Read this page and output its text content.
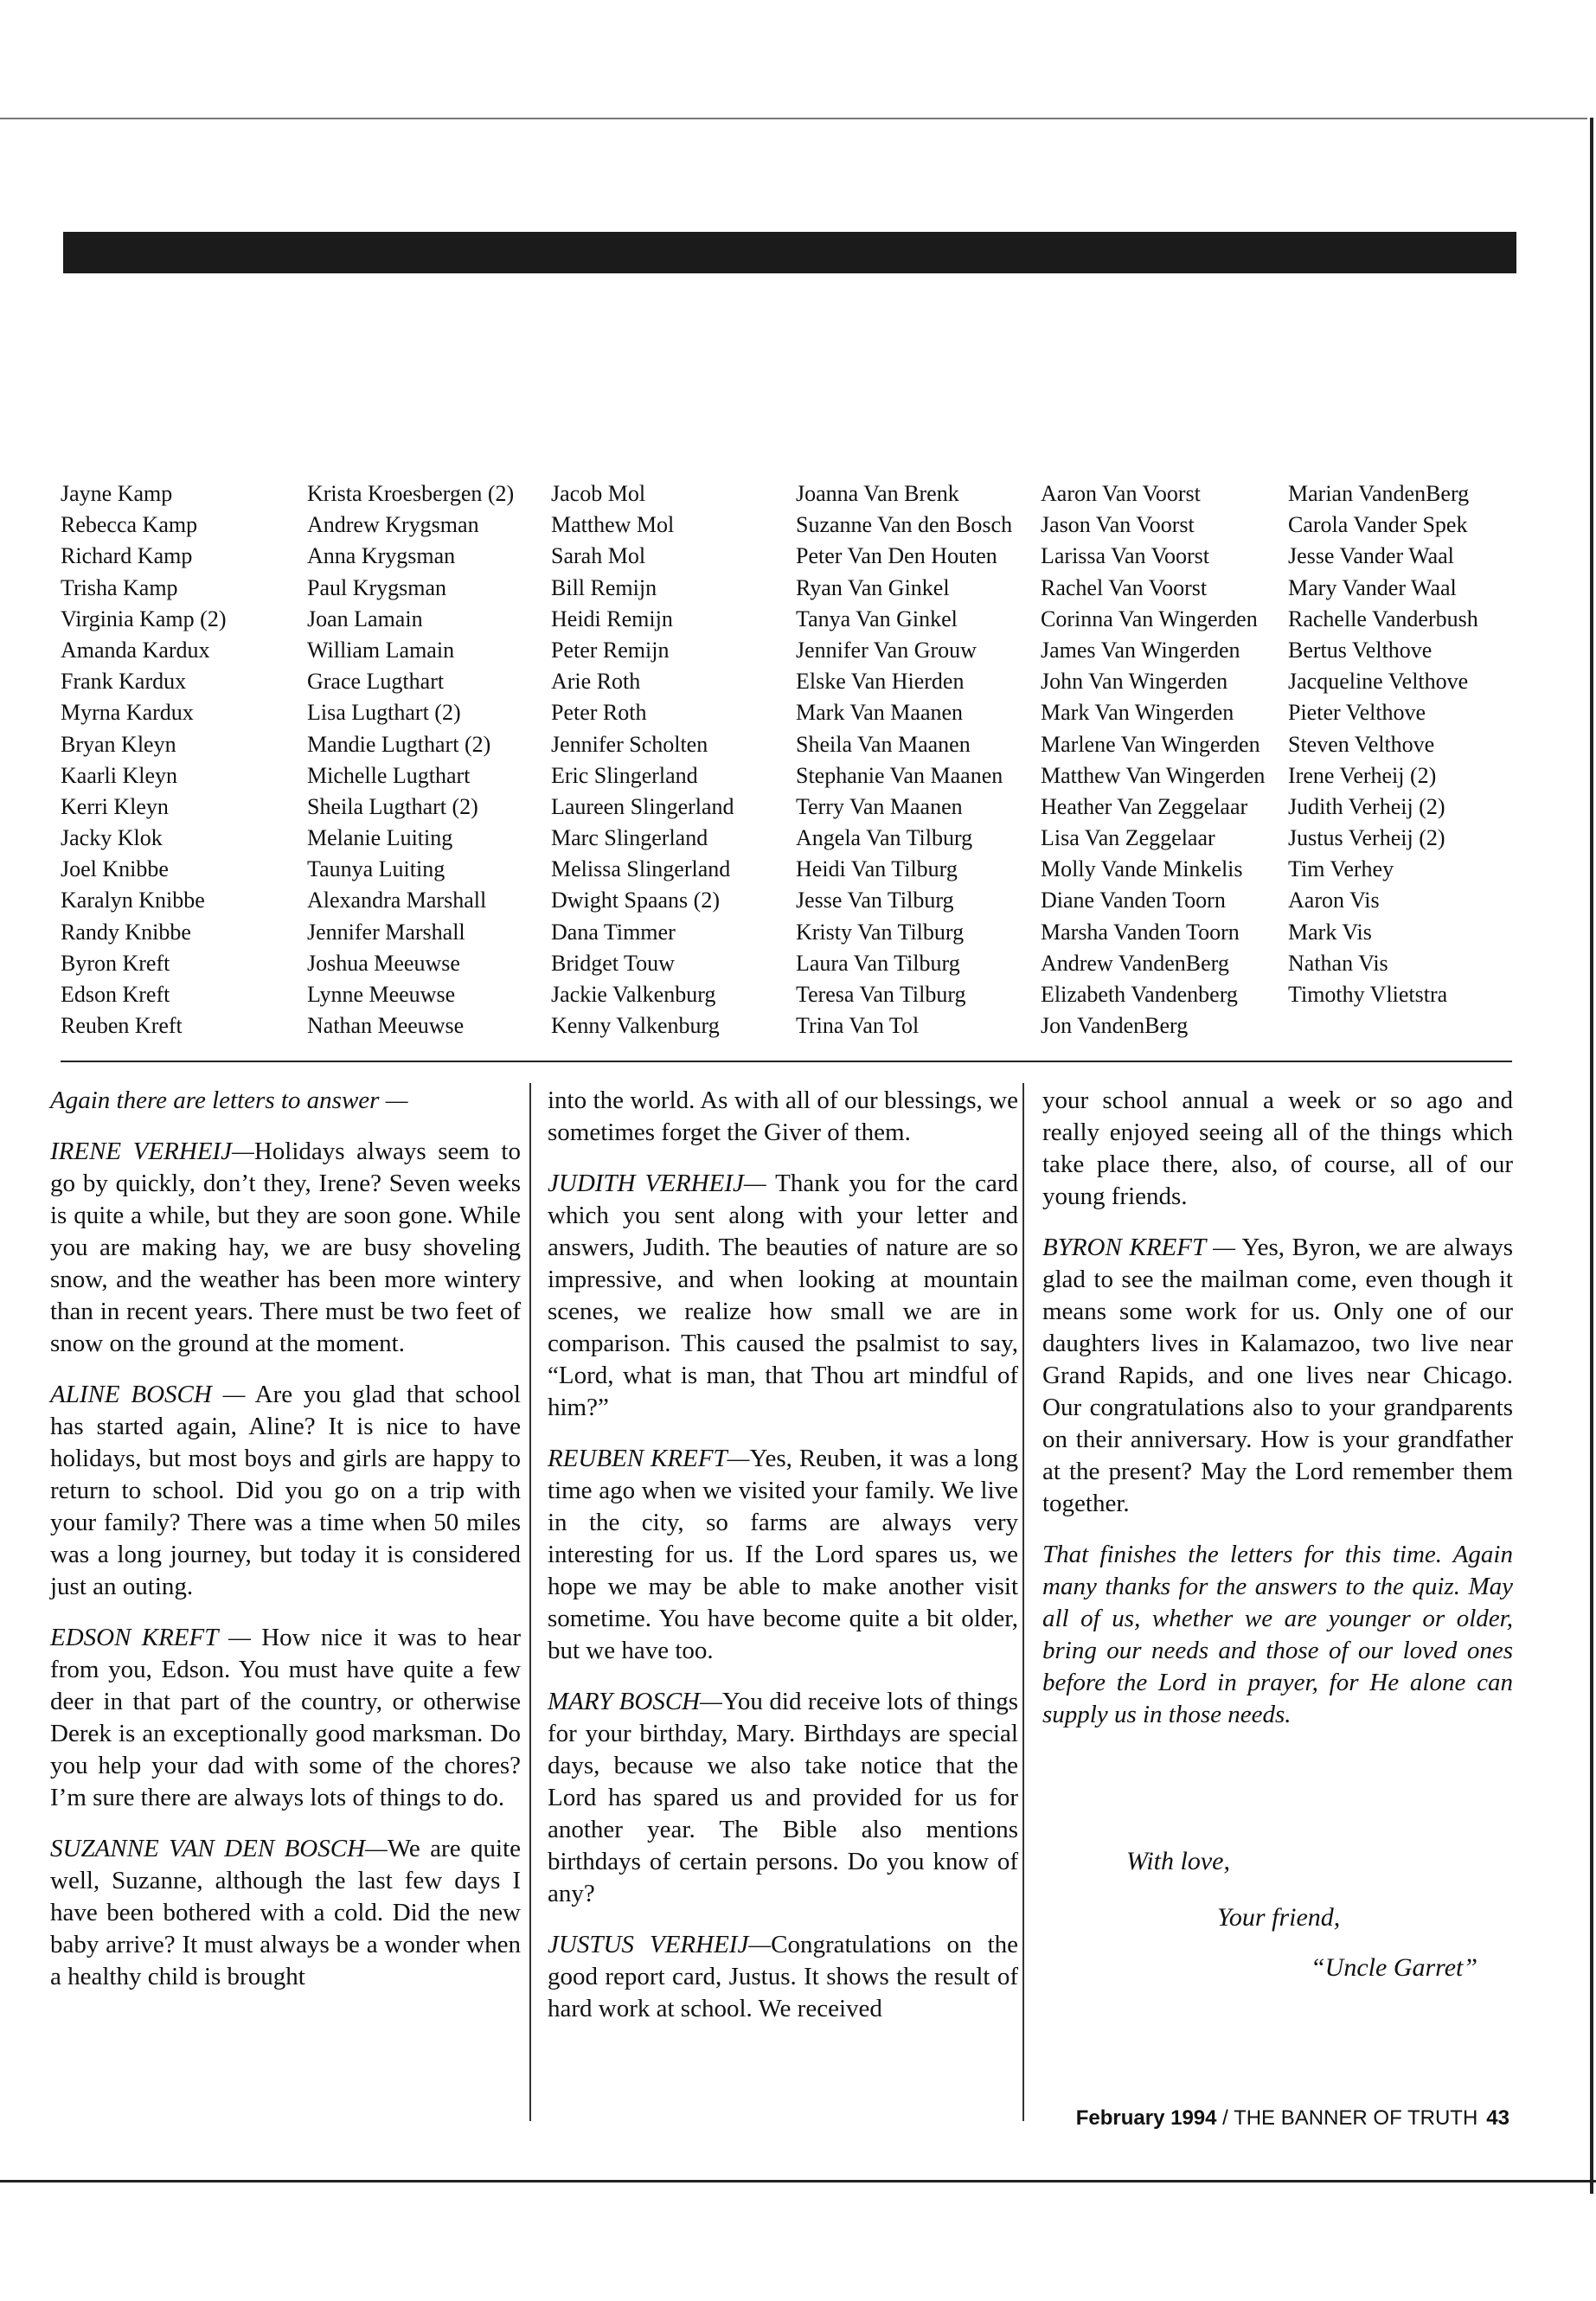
Jayne Kamp
Rebecca Kamp
Richard Kamp
Trisha Kamp
Virginia Kamp (2)
Amanda Kardux
Frank Kardux
Myrna Kardux
Bryan Kleyn
Kaarli Kleyn
Kerri Kleyn
Jacky Klok
Joel Knibbe
Karalyn Knibbe
Randy Knibbe
Byron Kreft
Edson Kreft
Reuben Kreft
Krista Kroesbergen (2)
Andrew Krygsman
Anna Krygsman
Paul Krygsman
Joan Lamain
William Lamain
Grace Lugthart
Lisa Lugthart (2)
Mandie Lugthart (2)
Michelle Lugthart
Sheila Lugthart (2)
Melanie Luiting
Taunya Luiting
Alexandra Marshall
Jennifer Marshall
Joshua Meeuwse
Lynne Meeuwse
Nathan Meeuwse
Jacob Mol
Matthew Mol
Sarah Mol
Bill Remijn
Heidi Remijn
Peter Remijn
Arie Roth
Peter Roth
Jennifer Scholten
Eric Slingerland
Laureen Slingerland
Marc Slingerland
Melissa Slingerland
Dwight Spaans (2)
Dana Timmer
Bridget Touw
Jackie Valkenburg
Kenny Valkenburg
Joanna Van Brenk
Suzanne Van den Bosch
Peter Van Den Houten
Ryan Van Ginkel
Tanya Van Ginkel
Jennifer Van Grouw
Elske Van Hierden
Mark Van Maanen
Sheila Van Maanen
Stephanie Van Maanen
Terry Van Maanen
Angela Van Tilburg
Heidi Van Tilburg
Jesse Van Tilburg
Kristy Van Tilburg
Laura Van Tilburg
Teresa Van Tilburg
Trina Van Tol
Aaron Van Voorst
Jason Van Voorst
Larissa Van Voorst
Rachel Van Voorst
Corinna Van Wingerden
James Van Wingerden
John Van Wingerden
Mark Van Wingerden
Marlene Van Wingerden
Matthew Van Wingerden
Heather Van Zeggelaar
Lisa Van Zeggelaar
Molly Vande Minkelis
Diane Vanden Toorn
Marsha Vanden Toorn
Andrew VandenBerg
Elizabeth Vandenberg
Jon VandenBerg
Marian VandenBerg
Carola Vander Spek
Jesse Vander Waal
Mary Vander Waal
Rachelle Vanderbush
Bertus Velthove
Jacqueline Velthove
Pieter Velthove
Steven Velthove
Irene Verheij (2)
Judith Verheij (2)
Justus Verheij (2)
Tim Verhey
Aaron Vis
Mark Vis
Nathan Vis
Timothy Vlietstra

Again there are letters to answer —

IRENE VERHEIJ—Holidays always seem to go by quickly, don’t they, Irene? Seven weeks is quite a while, but they are soon gone. While you are making hay, we are busy shoveling snow, and the weather has been more wintery than in recent years. There must be two feet of snow on the ground at the moment.

ALINE BOSCH — Are you glad that school has started again, Aline? It is nice to have holidays, but most boys and girls are happy to return to school. Did you go on a trip with your family? There was a time when 50 miles was a long journey, but today it is considered just an outing.

EDSON KREFT — How nice it was to hear from you, Edson. You must have quite a few deer in that part of the country, or otherwise Derek is an exceptionally good marksman. Do you help your dad with some of the chores? I’m sure there are always lots of things to do.

SUZANNE VAN DEN BOSCH—We are quite well, Suzanne, although the last few days I have been bothered with a cold. Did the new baby arrive? It must always be a wonder when a healthy child is brought

into the world. As with all of our blessings, we sometimes forget the Giver of them.

JUDITH VERHEIJ— Thank you for the card which you sent along with your letter and answers, Judith. The beauties of nature are so impressive, and when looking at mountain scenes, we realize how small we are in comparison. This caused the psalmist to say, “Lord, what is man, that Thou art mindful of him?”

REUBEN KREFT—Yes, Reuben, it was a long time ago when we visited your family. We live in the city, so farms are always very interesting for us. If the Lord spares us, we hope we may be able to make another visit sometime. You have become quite a bit older, but we have too.

MARY BOSCH—You did receive lots of things for your birthday, Mary. Birthdays are special days, because we also take notice that the Lord has spared us and provided for us for another year. The Bible also mentions birthdays of certain persons. Do you know of any?

JUSTUS VERHEIJ—Congratulations on the good report card, Justus. It shows the result of hard work at school. We received

your school annual a week or so ago and really enjoyed seeing all of the things which take place there, also, of course, all of our young friends.

BYRON KREFT — Yes, Byron, we are always glad to see the mailman come, even though it means some work for us. Only one of our daughters lives in Kalamazoo, two live near Grand Rapids, and one lives near Chicago. Our congratulations also to your grandparents on their anniversary. How is your grandfather at the present? May the Lord remember them together.

That finishes the letters for this time. Again many thanks for the answers to the quiz. May all of us, whether we are younger or older, bring our needs and those of our loved ones before the Lord in prayer, for He alone can supply us in those needs.

With love,
Your friend,
“Uncle Garret”
February 1994 / THE BANNER OF TRUTH 43
